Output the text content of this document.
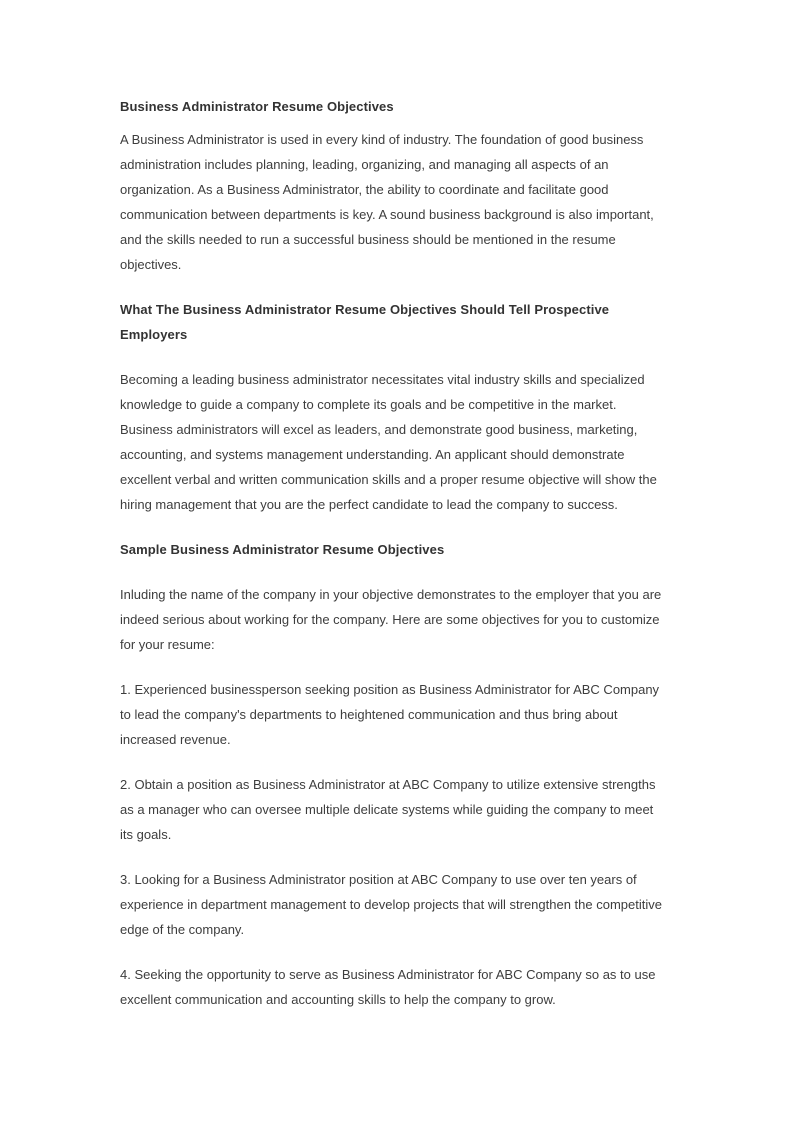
Business Administrator Resume Objectives

A Business Administrator is used in every kind of industry. The foundation of good business administration includes planning, leading, organizing, and managing all aspects of an organization. As a Business Administrator, the ability to coordinate and facilitate good communication between departments is key. A sound business background is also important, and the skills needed to run a successful business should be mentioned in the resume objectives.

What The Business Administrator Resume Objectives Should Tell Prospective Employers

Becoming a leading business administrator necessitates vital industry skills and specialized knowledge to guide a company to complete its goals and be competitive in the market. Business administrators will excel as leaders, and demonstrate good business, marketing, accounting, and systems management understanding. An applicant should demonstrate excellent verbal and written communication skills and a proper resume objective will show the hiring management that you are the perfect candidate to lead the company to success.

Sample Business Administrator Resume Objectives

Inluding the name of the company in your objective demonstrates to the employer that you are indeed serious about working for the company. Here are some objectives for you to customize for your resume:

1. Experienced businessperson seeking position as Business Administrator for ABC Company to lead the company's departments to heightened communication and thus bring about increased revenue.

2. Obtain a position as Business Administrator at ABC Company to utilize extensive strengths as a manager who can oversee multiple delicate systems while guiding the company to meet its goals.

3. Looking for a Business Administrator position at ABC Company to use over ten years of experience in department management to develop projects that will strengthen the competitive edge of the company.

4. Seeking the opportunity to serve as Business Administrator for ABC Company so as to use excellent communication and accounting skills to help the company to grow.
